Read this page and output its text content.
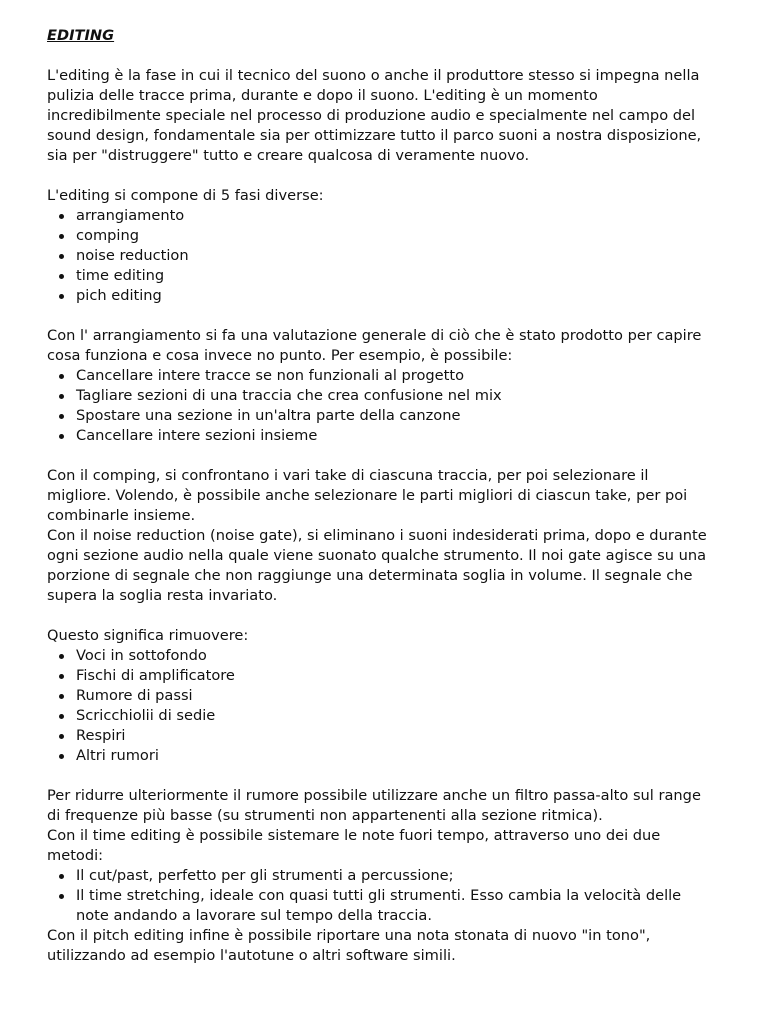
EDITING

L'editing è la fase in cui il tecnico del suono o anche il produttore stesso si impegna nella pulizia delle tracce prima, durante e dopo il suono. L'editing è un momento incredibilmente speciale nel processo di produzione audio e specialmente nel campo del sound design, fondamentale sia per ottimizzare tutto il parco suoni a nostra disposizione, sia per "distruggere" tutto e creare qualcosa di veramente nuovo.

L'editing si compone di 5 fasi diverse:

arrangiamento
comping
noise reduction
time editing
pich editing

Con l' arrangiamento si fa una valutazione generale di ciò che è stato prodotto per capire cosa funziona e cosa invece no punto. Per esempio, è possibile:

Cancellare intere tracce se non funzionali al progetto
Tagliare sezioni di una traccia che crea confusione nel mix
Spostare una sezione in un'altra parte della canzone
Cancellare intere sezioni insieme

Con il comping, si confrontano i vari take di ciascuna traccia, per poi selezionare il migliore. Volendo, è possibile anche selezionare le parti migliori di ciascun take, per poi combinarle insieme.

Con il noise reduction (noise gate), si eliminano i suoni indesiderati prima, dopo e durante ogni sezione audio nella quale viene suonato qualche strumento. Il noi gate agisce su una porzione di segnale che non raggiunge una determinata soglia in volume. Il segnale che supera la soglia resta invariato.

Questo significa rimuovere:

Voci in sottofondo
Fischi di amplificatore
Rumore di passi
Scricchiolii di sedie
Respiri
Altri rumori

Per ridurre ulteriormente il rumore possibile utilizzare anche un filtro passa-alto sul range di frequenze più basse (su strumenti non appartenenti alla sezione ritmica).

Con il time editing è possibile sistemare le note fuori tempo, attraverso uno dei due metodi:

Il cut/past, perfetto per gli strumenti a percussione;
Il time stretching, ideale con quasi tutti gli strumenti. Esso cambia la velocità delle note andando a lavorare sul tempo della traccia.

Con il pitch editing infine è possibile riportare una nota stonata di nuovo "in tono", utilizzando ad esempio l'autotune o altri software simili.
